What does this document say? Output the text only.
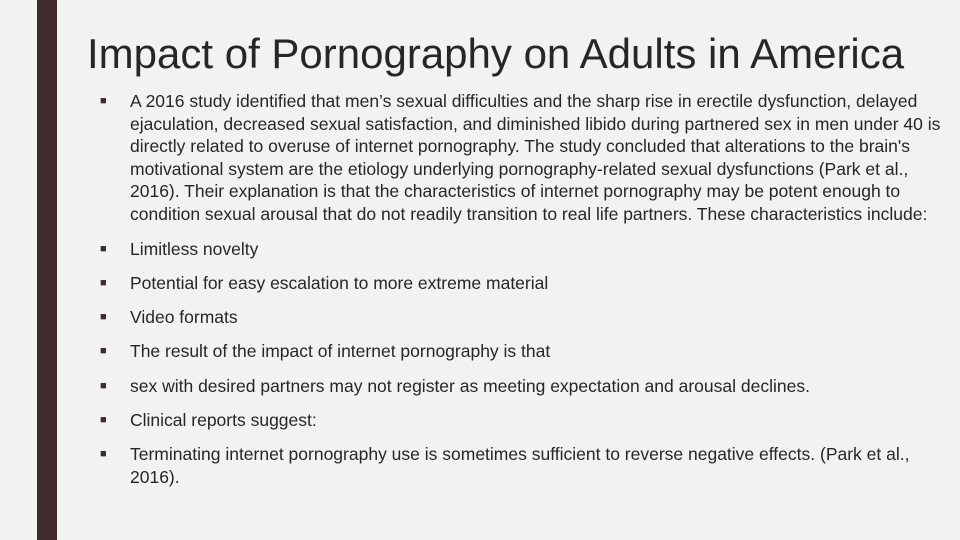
Impact of Pornography on Adults in America
■ A 2016 study identified that men’s sexual difficulties and the sharp rise in erectile dysfunction, delayed ejaculation, decreased sexual satisfaction, and diminished libido during partnered sex in men under 40 is directly related to overuse of internet pornography. The study concluded that alterations to the brain's motivational system are the etiology underlying pornography-related sexual dysfunctions (Park et al., 2016). Their explanation is that the characteristics of internet pornography may be potent enough to condition sexual arousal that do not readily transition to real life partners. These characteristics include:
■ Limitless novelty
■ Potential for easy escalation to more extreme material
■ Video formats
■ The result of the impact of internet pornography is that
■ sex with desired partners may not register as meeting expectation and arousal declines.
■ Clinical reports suggest:
■ Terminating internet pornography use is sometimes sufficient to reverse negative effects. (Park et al., 2016).
